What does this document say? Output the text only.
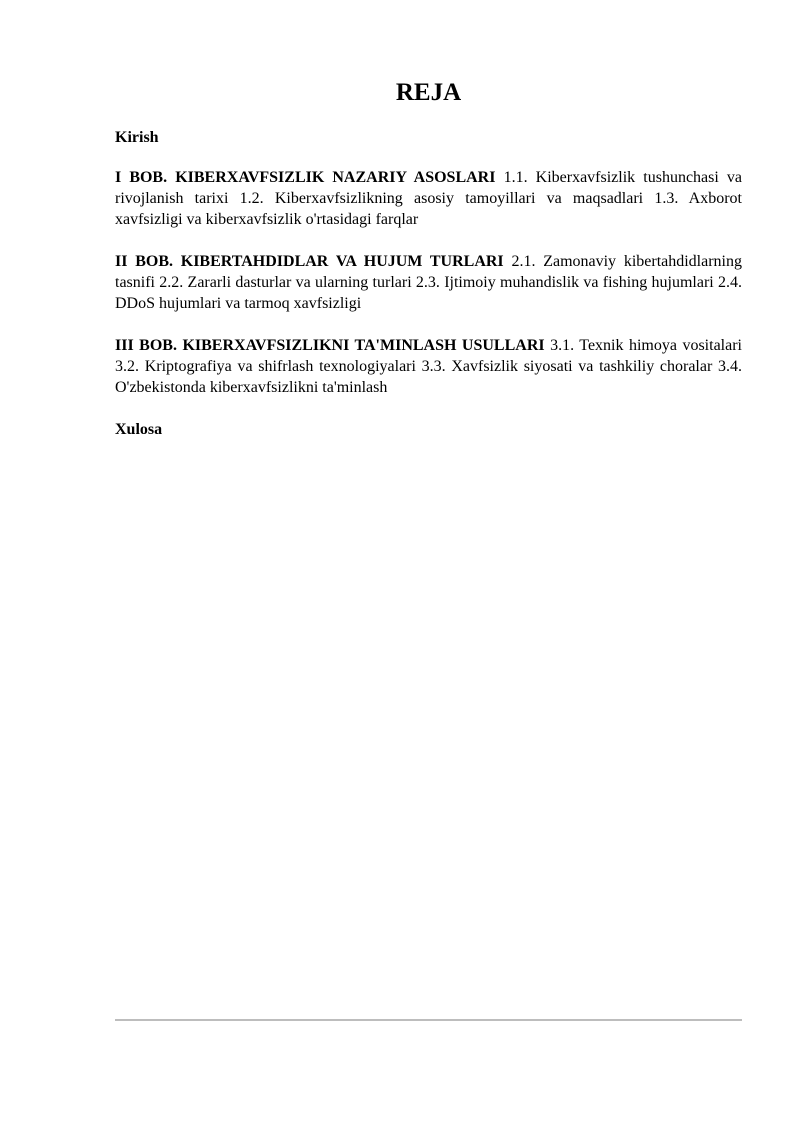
REJA

Kirish

I BOB. KIBERXAVFSIZLIK NAZARIY ASOSLARI 1.1. Kiberxavfsizlik tushunchasi va rivojlanish tarixi 1.2. Kiberxavfsizlikning asosiy tamoyillari va maqsadlari 1.3. Axborot xavfsizligi va kiberxavfsizlik o'rtasidagi farqlar

II BOB. KIBERTAHDIDLAR VA HUJUM TURLARI 2.1. Zamonaviy kibertahdidlarning tasnifi 2.2. Zararli dasturlar va ularning turlari 2.3. Ijtimoiy muhandislik va fishing hujumlari 2.4. DDoS hujumlari va tarmoq xavfsizligi

III BOB. KIBERXAVFSIZLIKNI TA'MINLASH USULLARI 3.1. Texnik himoya vositalari 3.2. Kriptografiya va shifrlash texnologiyalari 3.3. Xavfsizlik siyosati va tashkiliy choralar 3.4. O'zbekistonda kiberxavfsizlikni ta'minlash

Xulosa
